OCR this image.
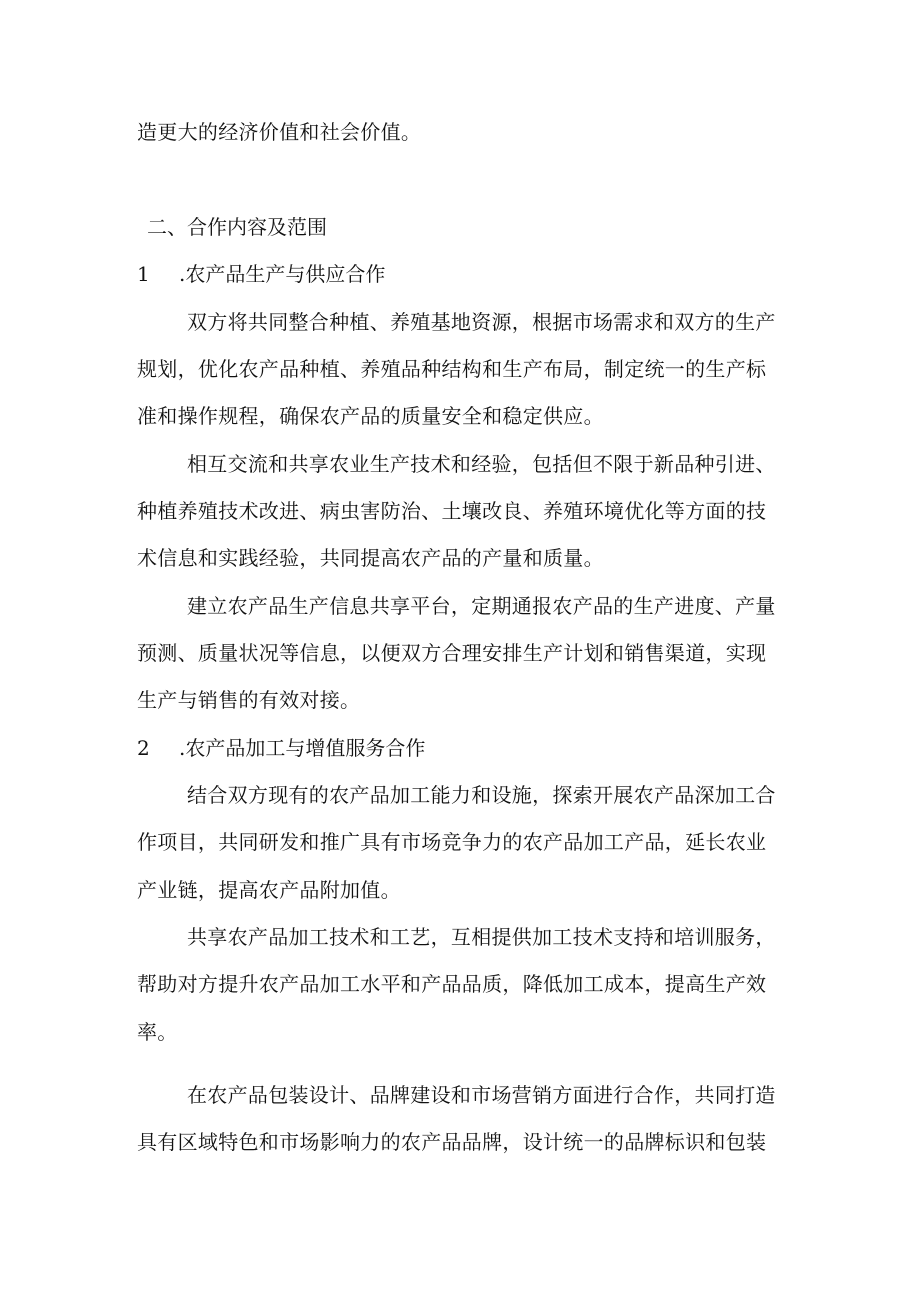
造更大的经济价值和社会价值。
二、合作内容及范围
1 .农产品生产与供应合作
双方将共同整合种植、养殖基地资源，根据市场需求和双方的生产
规划，优化农产品种植、养殖品种结构和生产布局，制定统一的生产标
准和操作规程，确保农产品的质量安全和稳定供应。
相互交流和共享农业生产技术和经验，包括但不限于新品种引进、
种植养殖技术改进、病虫害防治、土壤改良、养殖环境优化等方面的技
术信息和实践经验，共同提高农产品的产量和质量。
建立农产品生产信息共享平台，定期通报农产品的生产进度、产量
预测、质量状况等信息，以便双方合理安排生产计划和销售渠道，实现
生产与销售的有效对接。
2 .农产品加工与增值服务合作
结合双方现有的农产品加工能力和设施，探索开展农产品深加工合
作项目，共同研发和推广具有市场竞争力的农产品加工产品，延长农业
产业链，提高农产品附加值。
共享农产品加工技术和工艺，互相提供加工技术支持和培训服务，
帮助对方提升农产品加工水平和产品品质，降低加工成本，提高生产效
率。
在农产品包装设计、品牌建设和市场营销方面进行合作，共同打造
具有区域特色和市场影响力的农产品品牌，设计统一的品牌标识和包装
